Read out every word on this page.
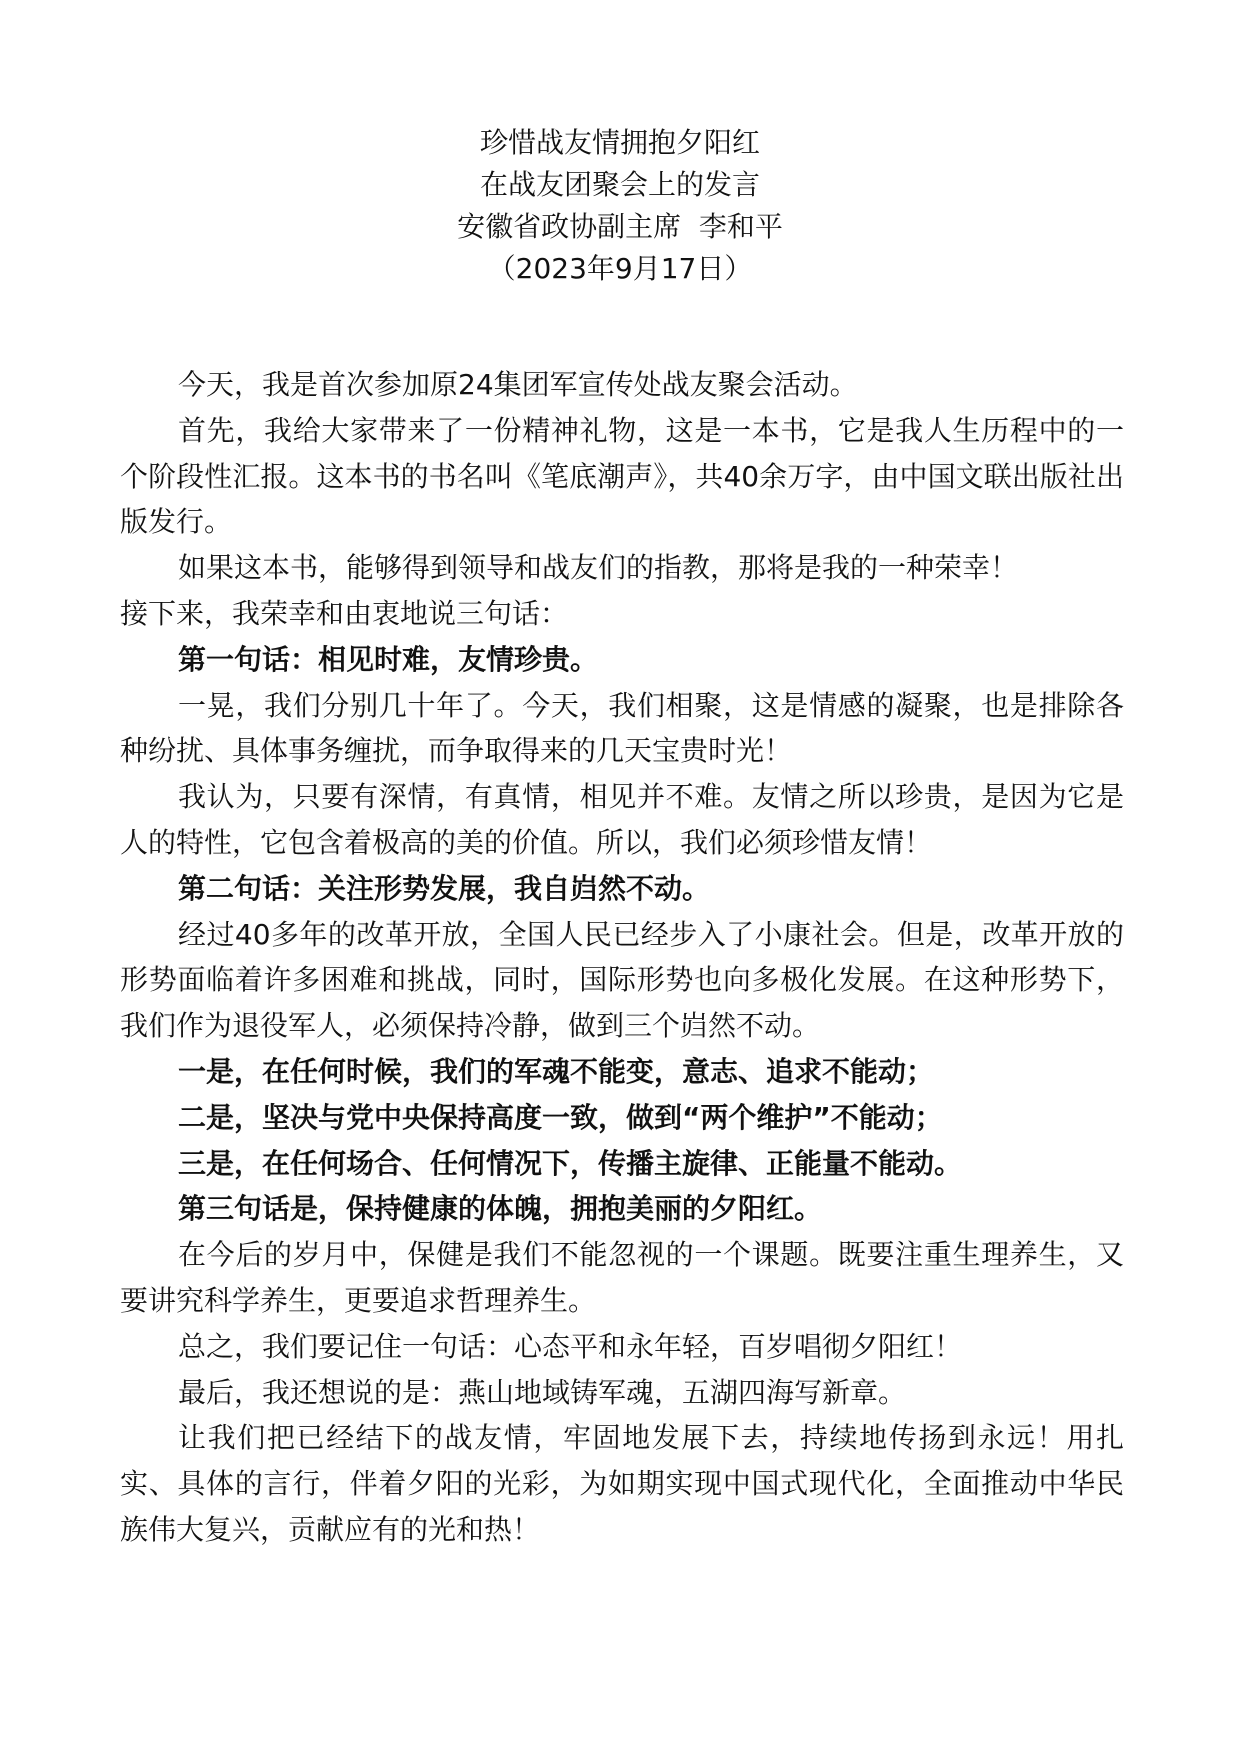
珍惜战友情拥抱夕阳红
在战友团聚会上的发言
安徽省政协副主席  李和平
（2023年9月17日）

今天，我是首次参加原24集团军宣传处战友聚会活动。

首先，我给大家带来了一份精神礼物，这是一本书，它是我人生历程中的一个阶段性汇报。这本书的书名叫《笔底潮声》，共40余万字，由中国文联出版社出版发行。

如果这本书，能够得到领导和战友们的指教，那将是我的一种荣幸！

接下来，我荣幸和由衷地说三句话：

第一句话：相见时难，友情珍贵。

一晃，我们分别几十年了。今天，我们相聚，这是情感的凝聚，也是排除各种纷扰、具体事务缠扰，而争取得来的几天宝贵时光！

我认为，只要有深情，有真情，相见并不难。友情之所以珍贵，是因为它是人的特性，它包含着极高的美的价值。所以，我们必须珍惜友情！

第二句话：关注形势发展，我自岿然不动。

经过40多年的改革开放，全国人民已经步入了小康社会。但是，改革开放的形势面临着许多困难和挑战，同时，国际形势也向多极化发展。在这种形势下，我们作为退役军人，必须保持冷静，做到三个岿然不动。

一是，在任何时候，我们的军魂不能变，意志、追求不能动；

二是，坚决与党中央保持高度一致，做到“两个维护”不能动；

三是，在任何场合、任何情况下，传播主旋律、正能量不能动。

第三句话是，保持健康的体魄，拥抱美丽的夕阳红。

在今后的岁月中，保健是我们不能忽视的一个课题。既要注重生理养生，又要讲究科学养生，更要追求哲理养生。

总之，我们要记住一句话：心态平和永年轻，百岁唱彻夕阳红！

最后，我还想说的是：燕山地域铸军魂，五湖四海写新章。

让我们把已经结下的战友情，牢固地发展下去，持续地传扬到永远！用扎实、具体的言行，伴着夕阳的光彩，为如期实现中国式现代化，全面推动中华民族伟大复兴，贡献应有的光和热！
